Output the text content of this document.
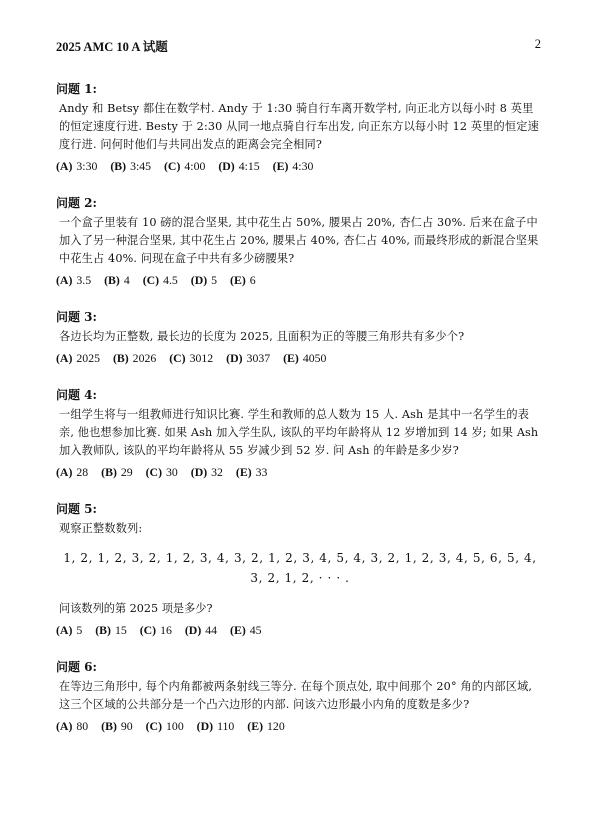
2025 AMC 10 A 试题	2
问题 1:
Andy 和 Betsy 都住在数学村. Andy 于 1:30 骑自行车离开数学村, 向正北方以每小时 8 英里的恒定速度行进. Besty 于 2:30 从同一地点骑自行车出发, 向正东方以每小时 12 英里的恒定速度行进. 问何时他们与共同出发点的距离会完全相同?
(A) 3:30 (B) 3:45 (C) 4:00 (D) 4:15 (E) 4:30
问题 2:
一个盒子里装有 10 磅的混合坚果, 其中花生占 50%, 腰果占 20%, 杏仁占 30%. 后来在盒子中加入了另一种混合坚果, 其中花生占 20%, 腰果占 40%, 杏仁占 40%, 而最终形成的新混合坚果中花生占 40%. 问现在盒子中共有多少磅腰果?
(A) 3.5 (B) 4 (C) 4.5 (D) 5 (E) 6
问题 3:
各边长均为正整数, 最长边的长度为 2025, 且面积为正的等腰三角形共有多少个?
(A) 2025 (B) 2026 (C) 3012 (D) 3037 (E) 4050
问题 4:
一组学生将与一组教师进行知识比赛. 学生和教师的总人数为 15 人. Ash 是其中一名学生的表亲, 他也想参加比赛. 如果 Ash 加入学生队, 该队的平均年龄将从 12 岁增加到 14 岁; 如果 Ash 加入教师队, 该队的平均年龄将从 55 岁减少到 52 岁. 问 Ash 的年龄是多少岁?
(A) 28 (B) 29 (C) 30 (D) 32 (E) 33
问题 5:
观察正整数数列:
1, 2, 1, 2, 3, 2, 1, 2, 3, 4, 3, 2, 1, 2, 3, 4, 5, 4, 3, 2, 1, 2, 3, 4, 5, 6, 5, 4, 3, 2, 1, 2, · · · .
问该数列的第 2025 项是多少?
(A) 5 (B) 15 (C) 16 (D) 44 (E) 45
问题 6:
在等边三角形中, 每个内角都被两条射线三等分. 在每个顶点处, 取中间那个 20° 角的内部区域, 这三个区域的公共部分是一个凸六边形的内部. 问该六边形最小内角的度数是多少?
(A) 80 (B) 90 (C) 100 (D) 110 (E) 120
